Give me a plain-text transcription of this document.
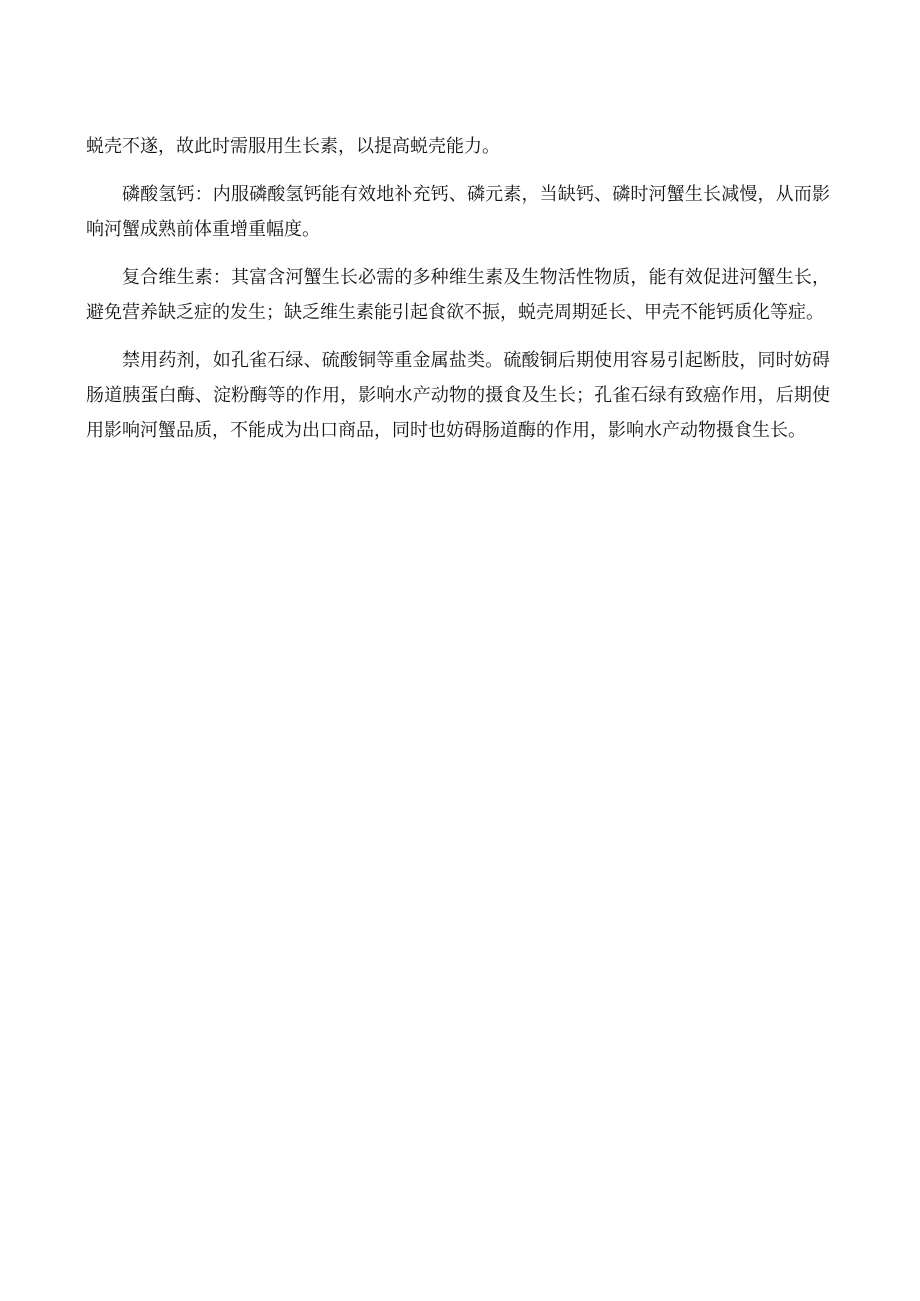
蜕壳不遂，故此时需服用生长素，以提高蜕壳能力。

磷酸氢钙：内服磷酸氢钙能有效地补充钙、磷元素，当缺钙、磷时河蟹生长减慢，从而影响河蟹成熟前体重增重幅度。

复合维生素：其富含河蟹生长必需的多种维生素及生物活性物质，能有效促进河蟹生长，避免营养缺乏症的发生；缺乏维生素能引起食欲不振，蜕壳周期延长、甲壳不能钙质化等症。

禁用药剂，如孔雀石绿、硫酸铜等重金属盐类。硫酸铜后期使用容易引起断肢，同时妨碍肠道胰蛋白酶、淀粉酶等的作用，影响水产动物的摄食及生长；孔雀石绿有致癌作用，后期使用影响河蟹品质，不能成为出口商品，同时也妨碍肠道酶的作用，影响水产动物摄食生长。
